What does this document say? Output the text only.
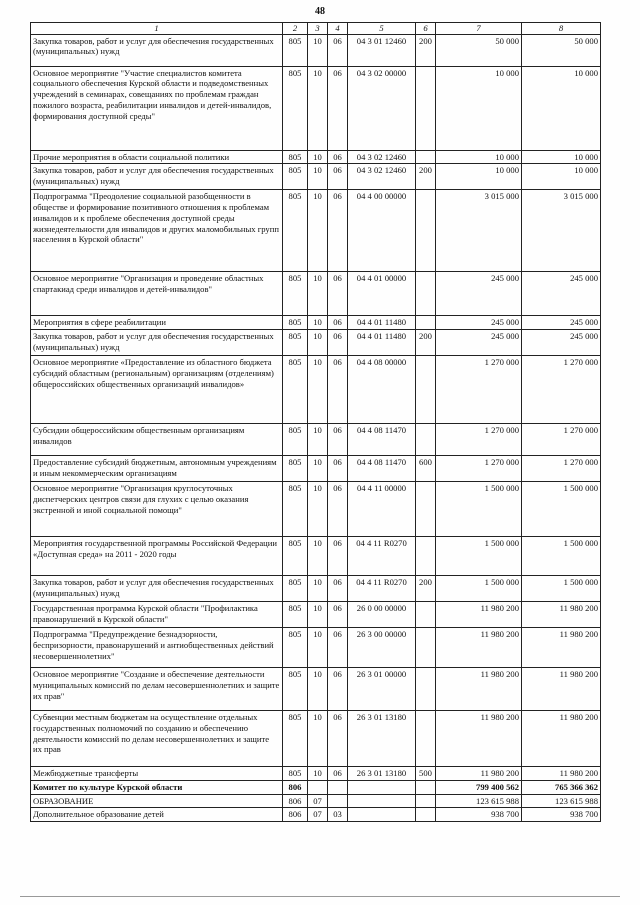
48
1	2	3	4	5	6	7	8
Закупка товаров, работ и услуг для обеспечения государственных (муниципальных) нужд	805	10	06	04 3 01 12460	200	50 000	50 000
Основное мероприятие "Участие специалистов комитета социального обеспечения Курской области и подведомственных учреждений в семинарах, совещаниях по проблемам граждан пожилого возраста, реабилитации инвалидов и детей-инвалидов, формирования доступной среды"	805	10	06	04 3 02 00000		10 000	10 000
Прочие мероприятия в области социальной политики	805	10	06	04 3 02 12460		10 000	10 000
Закупка товаров, работ и услуг для обеспечения государственных (муниципальных) нужд	805	10	06	04 3 02 12460	200	10 000	10 000
Подпрограмма "Преодоление социальной разобщенности в обществе и формирование позитивного отношения к проблемам инвалидов и к проблеме обеспечения доступной среды жизнедеятельности для инвалидов и других маломобильных групп населения в Курской области"	805	10	06	04 4 00 00000		3 015 000	3 015 000
Основное мероприятие "Организация и проведение областных спартакиад среди инвалидов и детей-инвалидов"	805	10	06	04 4 01 00000		245 000	245 000
Мероприятия в сфере реабилитации	805	10	06	04 4 01 11480		245 000	245 000
Закупка товаров, работ и услуг для обеспечения государственных (муниципальных) нужд	805	10	06	04 4 01 11480	200	245 000	245 000
Основное мероприятие «Предоставление из областного бюджета субсидий областным (региональным) организациям (отделениям) общероссийских общественных организаций инвалидов»	805	10	06	04 4 08 00000		1 270 000	1 270 000
Субсидии общероссийским общественным организациям инвалидов	805	10	06	04 4 08 11470		1 270 000	1 270 000
Предоставление субсидий бюджетным, автономным учреждениям и иным некоммерческим организациям	805	10	06	04 4 08 11470	600	1 270 000	1 270 000
Основное мероприятие "Организация круглосуточных диспетчерских центров связи для глухих с целью оказания экстренной и иной социальной помощи"	805	10	06	04 4 11 00000		1 500 000	1 500 000
Мероприятия государственной программы Российской Федерации «Доступная среда» на 2011 - 2020 годы	805	10	06	04 4 11 R0270		1 500 000	1 500 000
Закупка товаров, работ и услуг для обеспечения государственных (муниципальных) нужд	805	10	06	04 4 11 R0270	200	1 500 000	1 500 000
Государственная программа Курской области "Профилактика правонарушений в Курской области"	805	10	06	26 0 00 00000		11 980 200	11 980 200
Подпрограмма "Предупреждение безнадзорности, беспризорности, правонарушений и антиобщественных действий несовершеннолетних"	805	10	06	26 3 00 00000		11 980 200	11 980 200
Основное мероприятие "Создание и обеспечение деятельности муниципальных комиссий по делам несовершеннолетних и защите их прав"	805	10	06	26 3 01 00000		11 980 200	11 980 200
Субвенции местным бюджетам на осуществление отдельных государственных полномочий по созданию и обеспечению деятельности комиссий по делам несовершеннолетних и защите их прав	805	10	06	26 3 01 13180		11 980 200	11 980 200
Межбюджетные трансферты	805	10	06	26 3 01 13180	500	11 980 200	11 980 200
Комитет по культуре Курской области	806					799 400 562	765 366 362
ОБРАЗОВАНИЕ	806	07				123 615 988	123 615 988
Дополнительное образование детей	806	07	03			938 700	938 700
